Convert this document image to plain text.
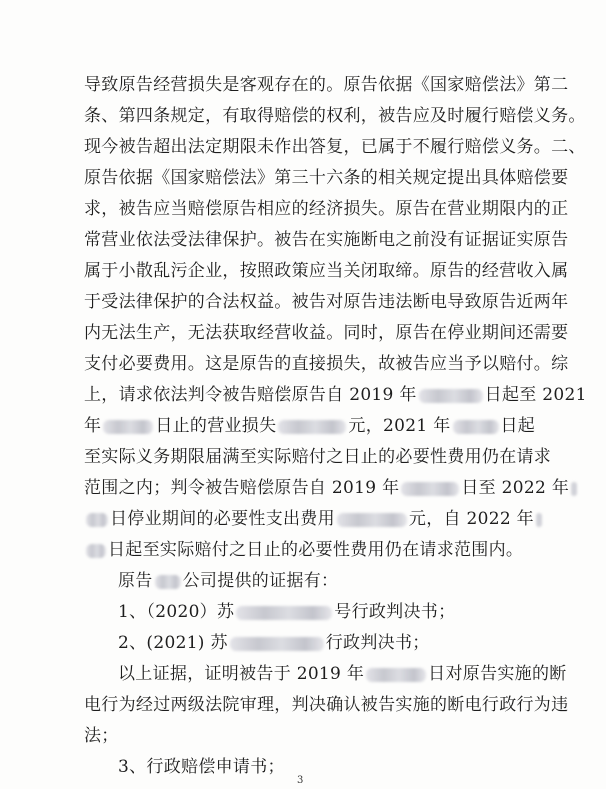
导致原告经营损失是客观存在的。原告依据《国家赔偿法》第二
条、第四条规定，有取得赔偿的权利，被告应及时履行赔偿义务。
现今被告超出法定期限未作出答复，已属于不履行赔偿义务。二、
原告依据《国家赔偿法》第三十六条的相关规定提出具体赔偿要
求，被告应当赔偿原告相应的经济损失。原告在营业期限内的正
常营业依法受法律保护。被告在实施断电之前没有证据证实原告
属于小散乱污企业，按照政策应当关闭取缔。原告的经营收入属
于受法律保护的合法权益。被告对原告违法断电导致原告近两年
内无法生产，无法获取经营收益。同时，原告在停业期间还需要
支付必要费用。这是原告的直接损失，故被告应当予以赔付。综
上，请求依法判令被告赔偿原告自 2019 年	日起至 2021
年	日止的营业损失	元，2021 年	日起
至实际义务期限届满至实际赔付之日止的必要性费用仍在请求
范围之内；判令被告赔偿原告自 2019 年	日至 2022 年
日停业期间的必要性支出费用	元，自 2022 年
日起至实际赔付之日止的必要性费用仍在请求范围内。
原告 公司提供的证据有：
1、（2020）苏	号行政判决书；
2、(2021) 苏	行政判决书；
以上证据，证明被告于 2019 年	日对原告实施的断
电行为经过两级法院审理，判决确认被告实施的断电行政行为违
法；
3、行政赔偿申请书；
3
